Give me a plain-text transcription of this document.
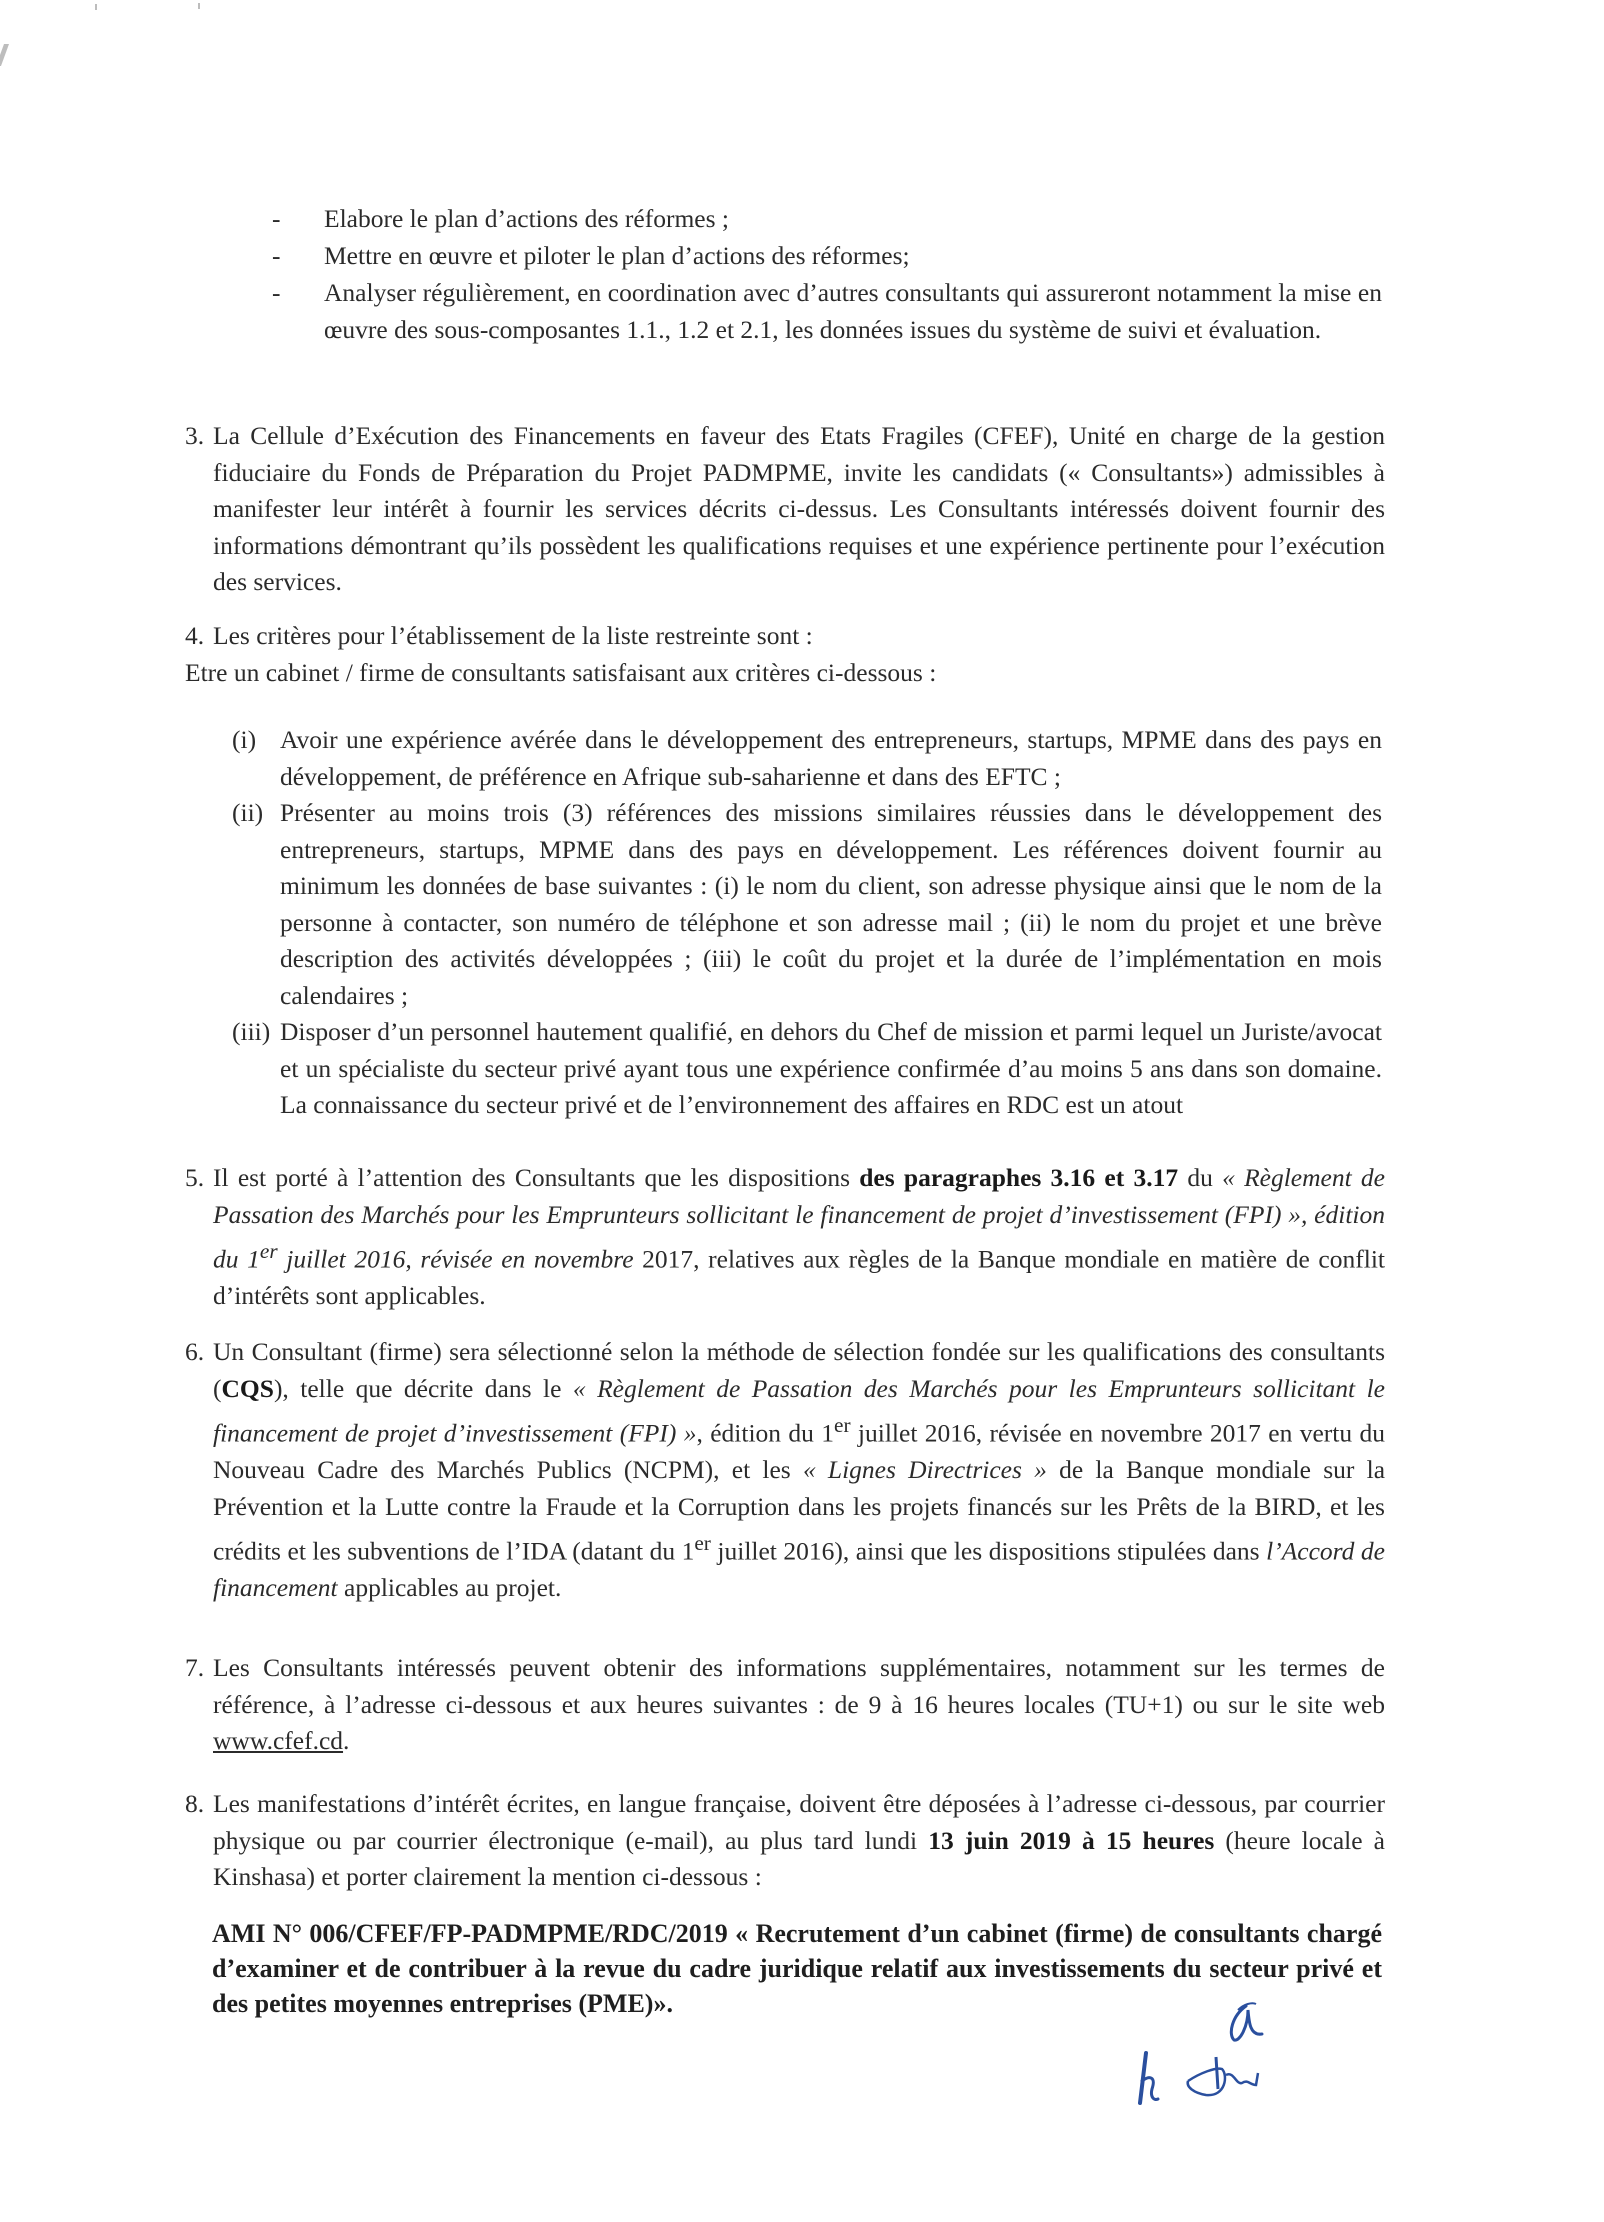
- Elabore le plan d’actions des réformes ;
- Mettre en œuvre et piloter le plan d’actions des réformes;
- Analyser régulièrement, en coordination avec d’autres consultants qui assureront notamment la mise en œuvre des sous-composantes 1.1., 1.2 et 2.1, les données issues du système de suivi et évaluation.
3. La Cellule d’Exécution des Financements en faveur des Etats Fragiles (CFEF), Unité en charge de la gestion fiduciaire du Fonds de Préparation du Projet PADMPME, invite les candidats (« Consultants») admissibles à manifester leur intérêt à fournir les services décrits ci-dessus. Les Consultants intéressés doivent fournir des informations démontrant qu’ils possèdent les qualifications requises et une expérience pertinente pour l’exécution des services.
4. Les critères pour l’établissement de la liste restreinte sont :
Etre un cabinet / firme de consultants satisfaisant aux critères ci-dessous :
(i) Avoir une expérience avérée dans le développement des entrepreneurs, startups, MPME dans des pays en développement, de préférence en Afrique sub-saharienne et dans des EFTC ;
(ii) Présenter au moins trois (3) références des missions similaires réussies dans le développement des entrepreneurs, startups, MPME dans des pays en développement. Les références doivent fournir au minimum les données de base suivantes : (i) le nom du client, son adresse physique ainsi que le nom de la personne à contacter, son numéro de téléphone et son adresse mail ; (ii) le nom du projet et une brève description des activités développées ; (iii) le coût du projet et la durée de l’implémentation en mois calendaires ;
(iii) Disposer d’un personnel hautement qualifié, en dehors du Chef de mission et parmi lequel un Juriste/avocat et un spécialiste du secteur privé ayant tous une expérience confirmée d’au moins 5 ans dans son domaine. La connaissance du secteur privé et de l’environnement des affaires en RDC est un atout
5. Il est porté à l’attention des Consultants que les dispositions des paragraphes 3.16 et 3.17 du « Règlement de Passation des Marchés pour les Emprunteurs sollicitant le financement de projet d’investissement (FPI) », édition du 1er juillet 2016, révisée en novembre 2017, relatives aux règles de la Banque mondiale en matière de conflit d’intérêts sont applicables.
6. Un Consultant (firme) sera sélectionné selon la méthode de sélection fondée sur les qualifications des consultants (CQS), telle que décrite dans le « Règlement de Passation des Marchés pour les Emprunteurs sollicitant le financement de projet d’investissement (FPI) », édition du 1er juillet 2016, révisée en novembre 2017 en vertu du Nouveau Cadre des Marchés Publics (NCPM), et les « Lignes Directrices » de la Banque mondiale sur la Prévention et la Lutte contre la Fraude et la Corruption dans les projets financés sur les Prêts de la BIRD, et les crédits et les subventions de l’IDA (datant du 1er juillet 2016), ainsi que les dispositions stipulées dans l’Accord de financement applicables au projet.
7. Les Consultants intéressés peuvent obtenir des informations supplémentaires, notamment sur les termes de référence, à l’adresse ci-dessous et aux heures suivantes : de 9 à 16 heures locales (TU+1) ou sur le site web www.cfef.cd.
8. Les manifestations d’intérêt écrites, en langue française, doivent être déposées à l’adresse ci-dessous, par courrier physique ou par courrier électronique (e-mail), au plus tard lundi 13 juin 2019 à 15 heures (heure locale à Kinshasa) et porter clairement la mention ci-dessous :
AMI N° 006/CFEF/FP-PADMPME/RDC/2019 « Recrutement d’un cabinet (firme) de consultants chargé d’examiner et de contribuer à la revue du cadre juridique relatif aux investissements du secteur privé et des petites moyennes entreprises (PME)».
